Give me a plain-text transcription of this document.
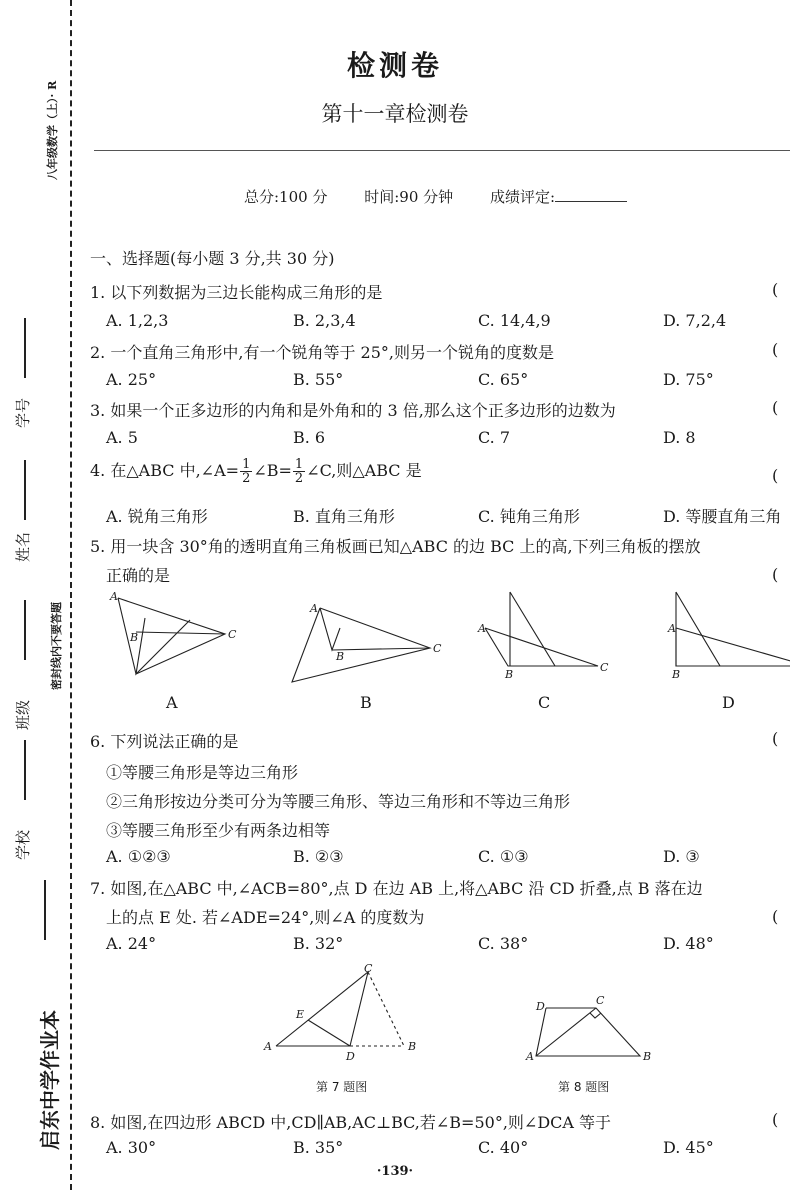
八年级数学（上）· R
学号
姓名
密封线内不要答题
班级
学校
启东中学作业本
检测卷
第十一章检测卷
总分:100 分 时间:90 分钟 成绩评定:
一、选择题(每小题 3 分,共 30 分)
1. 以下列数据为三边长能构成三角形的是	(
A. 1,2,3	B. 2,3,4	C. 14,4,9	D. 7,2,4
2. 一个直角三角形中,有一个锐角等于 25°,则另一个锐角的度数是	(
A. 25°	B. 55°	C. 65°	D. 75°
3. 如果一个正多边形的内角和是外角和的 3 倍,那么这个正多边形的边数为	(
A. 5	B. 6	C. 7	D. 8
4. 在△ABC 中,∠A= $\frac{1}{2}$ ∠B= $\frac{1}{2}$ ∠C,则△ABC 是	(
A. 锐角三角形	B. 直角三角形	C. 钝角三角形	D. 等腰直角三角
5. 用一块含 30°角的透明直角三角板画已知△ABC 的边 BC 上的高,下列三角板的摆放
正确的是	(
A
B	C
A
B
C
A
B
C
A
B
A	B	C	D
6. 下列说法正确的是	(
①等腰三角形是等边三角形
②三角形按边分类可分为等腰三角形、等边三角形和不等边三角形
③等腰三角形至少有两条边相等
A. ①②③	B. ②③	C. ①③	D. ③
7. 如图,在△ABC 中,∠ACB=80°,点 D 在边 AB 上,将△ABC 沿 CD 折叠,点 B 落在边
上的点 E 处. 若∠ADE=24°,则∠A 的度数为	(
A. 24°	B. 32°	C. 38°	D. 48°
A
C
E
D
B
D	C
A	B
第 7 题图	第 8 题图
8. 如图,在四边形 ABCD 中,CD∥AB,AC⊥BC,若∠B=50°,则∠DCA 等于	(
A. 30°	B. 35°	C. 40°	D. 45°
·139·
